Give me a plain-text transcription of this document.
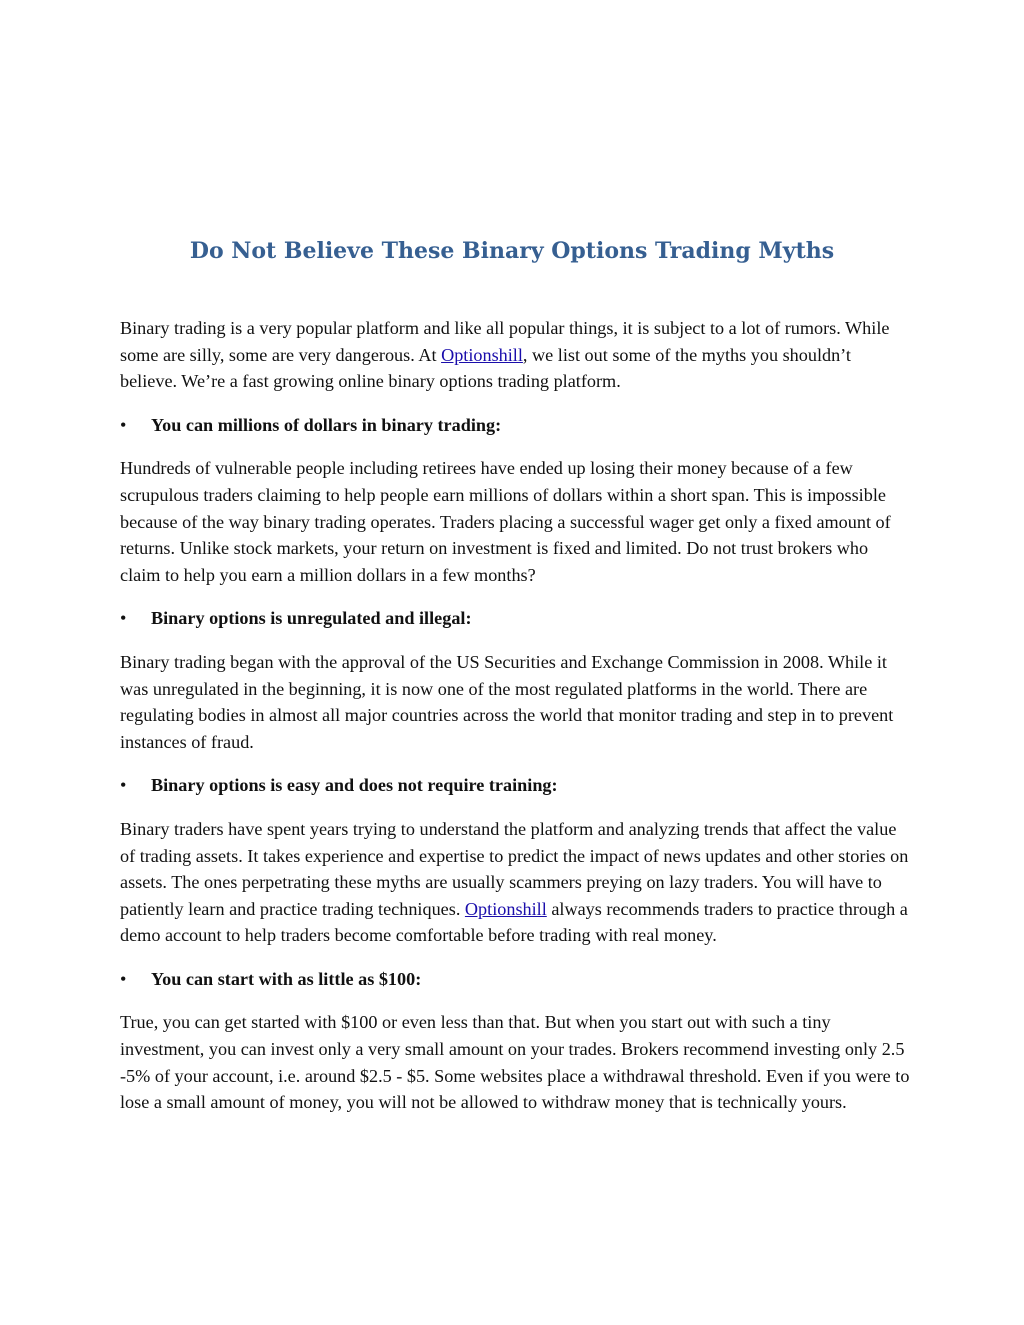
Do Not Believe These Binary Options Trading Myths

Binary trading is a very popular platform and like all popular things, it is subject to a lot of rumors. While some are silly, some are very dangerous. At Optionshill, we list out some of the myths you shouldn’t believe. We’re a fast growing online binary options trading platform.

• You can millions of dollars in binary trading:

Hundreds of vulnerable people including retirees have ended up losing their money because of a few scrupulous traders claiming to help people earn millions of dollars within a short span. This is impossible because of the way binary trading operates. Traders placing a successful wager get only a fixed amount of returns. Unlike stock markets, your return on investment is fixed and limited. Do not trust brokers who claim to help you earn a million dollars in a few months?

• Binary options is unregulated and illegal:

Binary trading began with the approval of the US Securities and Exchange Commission in 2008. While it was unregulated in the beginning, it is now one of the most regulated platforms in the world. There are regulating bodies in almost all major countries across the world that monitor trading and step in to prevent instances of fraud.

• Binary options is easy and does not require training:

Binary traders have spent years trying to understand the platform and analyzing trends that affect the value of trading assets. It takes experience and expertise to predict the impact of news updates and other stories on assets. The ones perpetrating these myths are usually scammers preying on lazy traders. You will have to patiently learn and practice trading techniques. Optionshill always recommends traders to practice through a demo account to help traders become comfortable before trading with real money.

• You can start with as little as $100:

True, you can get started with $100 or even less than that. But when you start out with such a tiny investment, you can invest only a very small amount on your trades. Brokers recommend investing only 2.5 -5% of your account, i.e. around $2.5 - $5. Some websites place a withdrawal threshold. Even if you were to lose a small amount of money, you will not be allowed to withdraw money that is technically yours.
